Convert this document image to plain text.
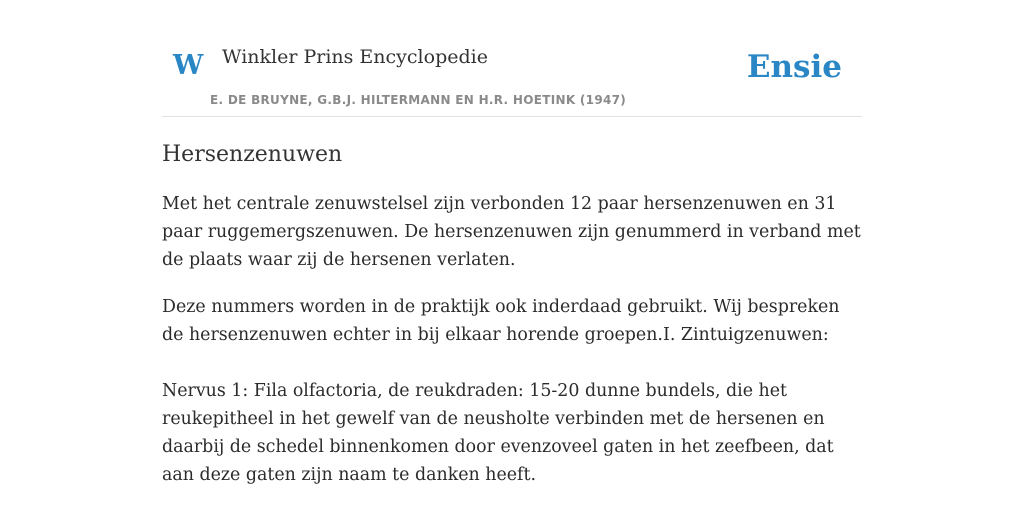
W Winkler Prins Encyclopedie
E. DE BRUYNE, G.B.J. HILTERMANN EN H.R. HOETINK (1947)
Ensie
Hersenzenuwen

Met het centrale zenuwstelsel zijn verbonden 12 paar hersenzenuwen en 31 paar ruggemergszenuwen. De hersenzenuwen zijn genummerd in verband met de plaats waar zij de hersenen verlaten.

Deze nummers worden in de praktijk ook inderdaad gebruikt. Wij bespreken de hersenzenuwen echter in bij elkaar horende groepen.I. Zintuigzenuwen:

Nervus 1: Fila olfactoria, de reukdraden: 15-20 dunne bundels, die het reukepitheel in het gewelf van de neusholte verbinden met de hersenen en daarbij de schedel binnenkomen door evenzoveel gaten in het zeefbeen, dat aan deze gaten zijn naam te danken heeft.
